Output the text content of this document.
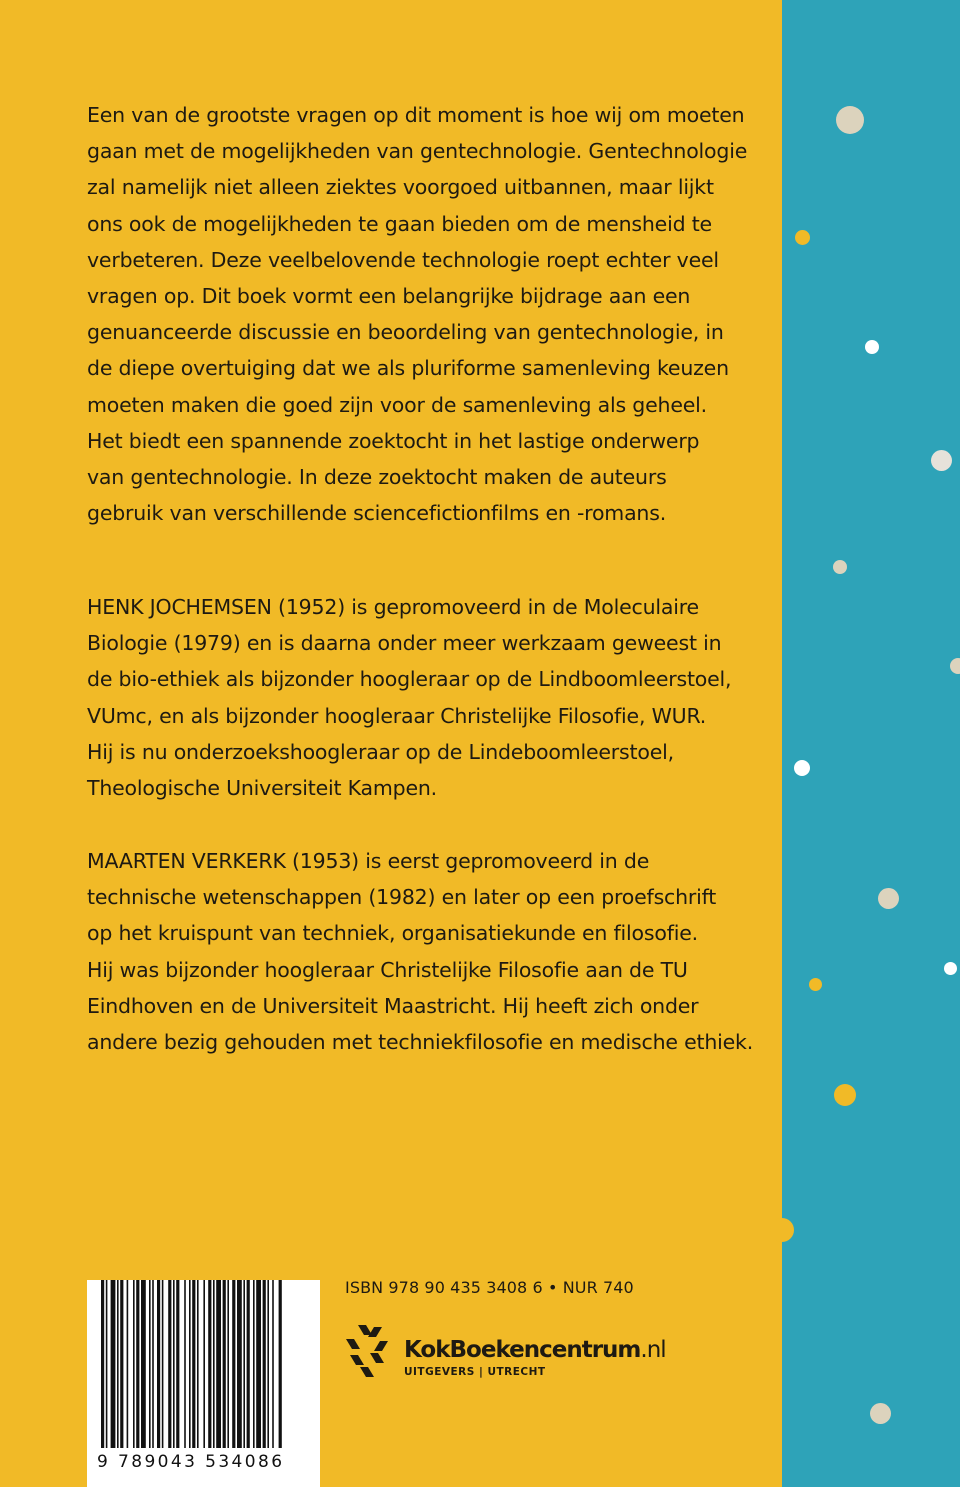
Een van de grootste vragen op dit moment is hoe wij om moeten
gaan met de mogelijkheden van gentechnologie. Gentechnologie
zal namelijk niet alleen ziektes voorgoed uitbannen, maar lijkt
ons ook de mogelijkheden te gaan bieden om de mensheid te
verbeteren. Deze veelbelovende technologie roept echter veel
vragen op. Dit boek vormt een belangrijke bijdrage aan een
genuanceerde discussie en beoordeling van gentechnologie, in
de diepe overtuiging dat we als pluriforme samenleving keuzen
moeten maken die goed zijn voor de samenleving als geheel.
Het biedt een spannende zoektocht in het lastige onderwerp
van gentechnologie. In deze zoektocht maken de auteurs
gebruik van verschillende sciencefictionfilms en -romans.
HENK JOCHEMSEN (1952) is gepromoveerd in de Moleculaire
Biologie (1979) en is daarna onder meer werkzaam geweest in
de bio-ethiek als bijzonder hoogleraar op de Lindboomleerstoel,
VUmc, en als bijzonder hoogleraar Christelijke Filosofie, WUR.
Hij is nu onderzoekshoogleraar op de Lindeboomleerstoel,
Theologische Universiteit Kampen.
MAARTEN VERKERK (1953) is eerst gepromoveerd in de
technische wetenschappen (1982) en later op een proefschrift
op het kruispunt van techniek, organisatiekunde en filosofie.
Hij was bijzonder hoogleraar Christelijke Filosofie aan de TU
Eindhoven en de Universiteit Maastricht. Hij heeft zich onder
andere bezig gehouden met techniekfilosofie en medische ethiek.
9 789043 534086
ISBN 978 90 435 3408 6 • NUR 740
KokBoekencentrum.nl
UITGEVERS | UTRECHT
